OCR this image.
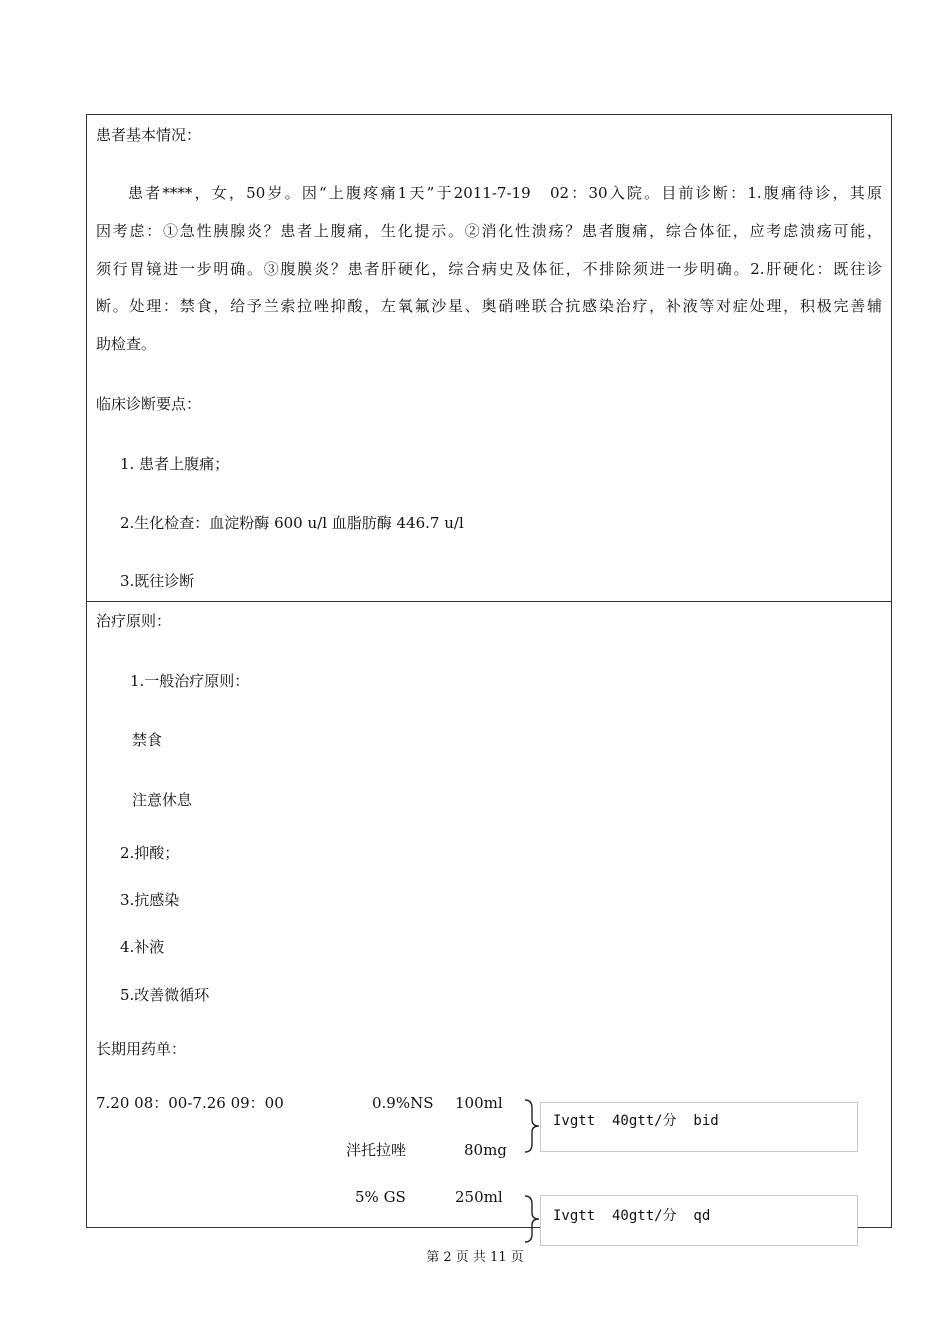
患者基本情况：
患者****，女，50岁。因“上腹疼痛1天”于2011-7-19　02：30入院。目前诊断：1.腹痛待诊，其原
因考虑：①急性胰腺炎？患者上腹痛，生化提示。②消化性溃疡？患者腹痛，综合体征，应考虑溃疡可能，
须行胃镜进一步明确。③腹膜炎？患者肝硬化，综合病史及体征，不排除须进一步明确。2.肝硬化：既往诊
断。处理：禁食，给予兰索拉唑抑酸，左氧氟沙星、奥硝唑联合抗感染治疗，补液等对症处理，积极完善辅
助检查。
临床诊断要点：
1. 患者上腹痛；
2.生化检查：血淀粉酶 600 u/l 血脂肪酶 446.7 u/l
3.既往诊断
治疗原则：
1.一般治疗原则：
禁食
注意休息
2.抑酸；
3.抗感染
4.补液
5.改善微循环
长期用药单：
7.20 08：00-7.26 09：00	0.9%NS 100ml
泮托拉唑	80mg
Ivgtt  40gtt/分  bid
5% GS	250ml
Ivgtt  40gtt/分  qd
第 2 页 共 11 页
